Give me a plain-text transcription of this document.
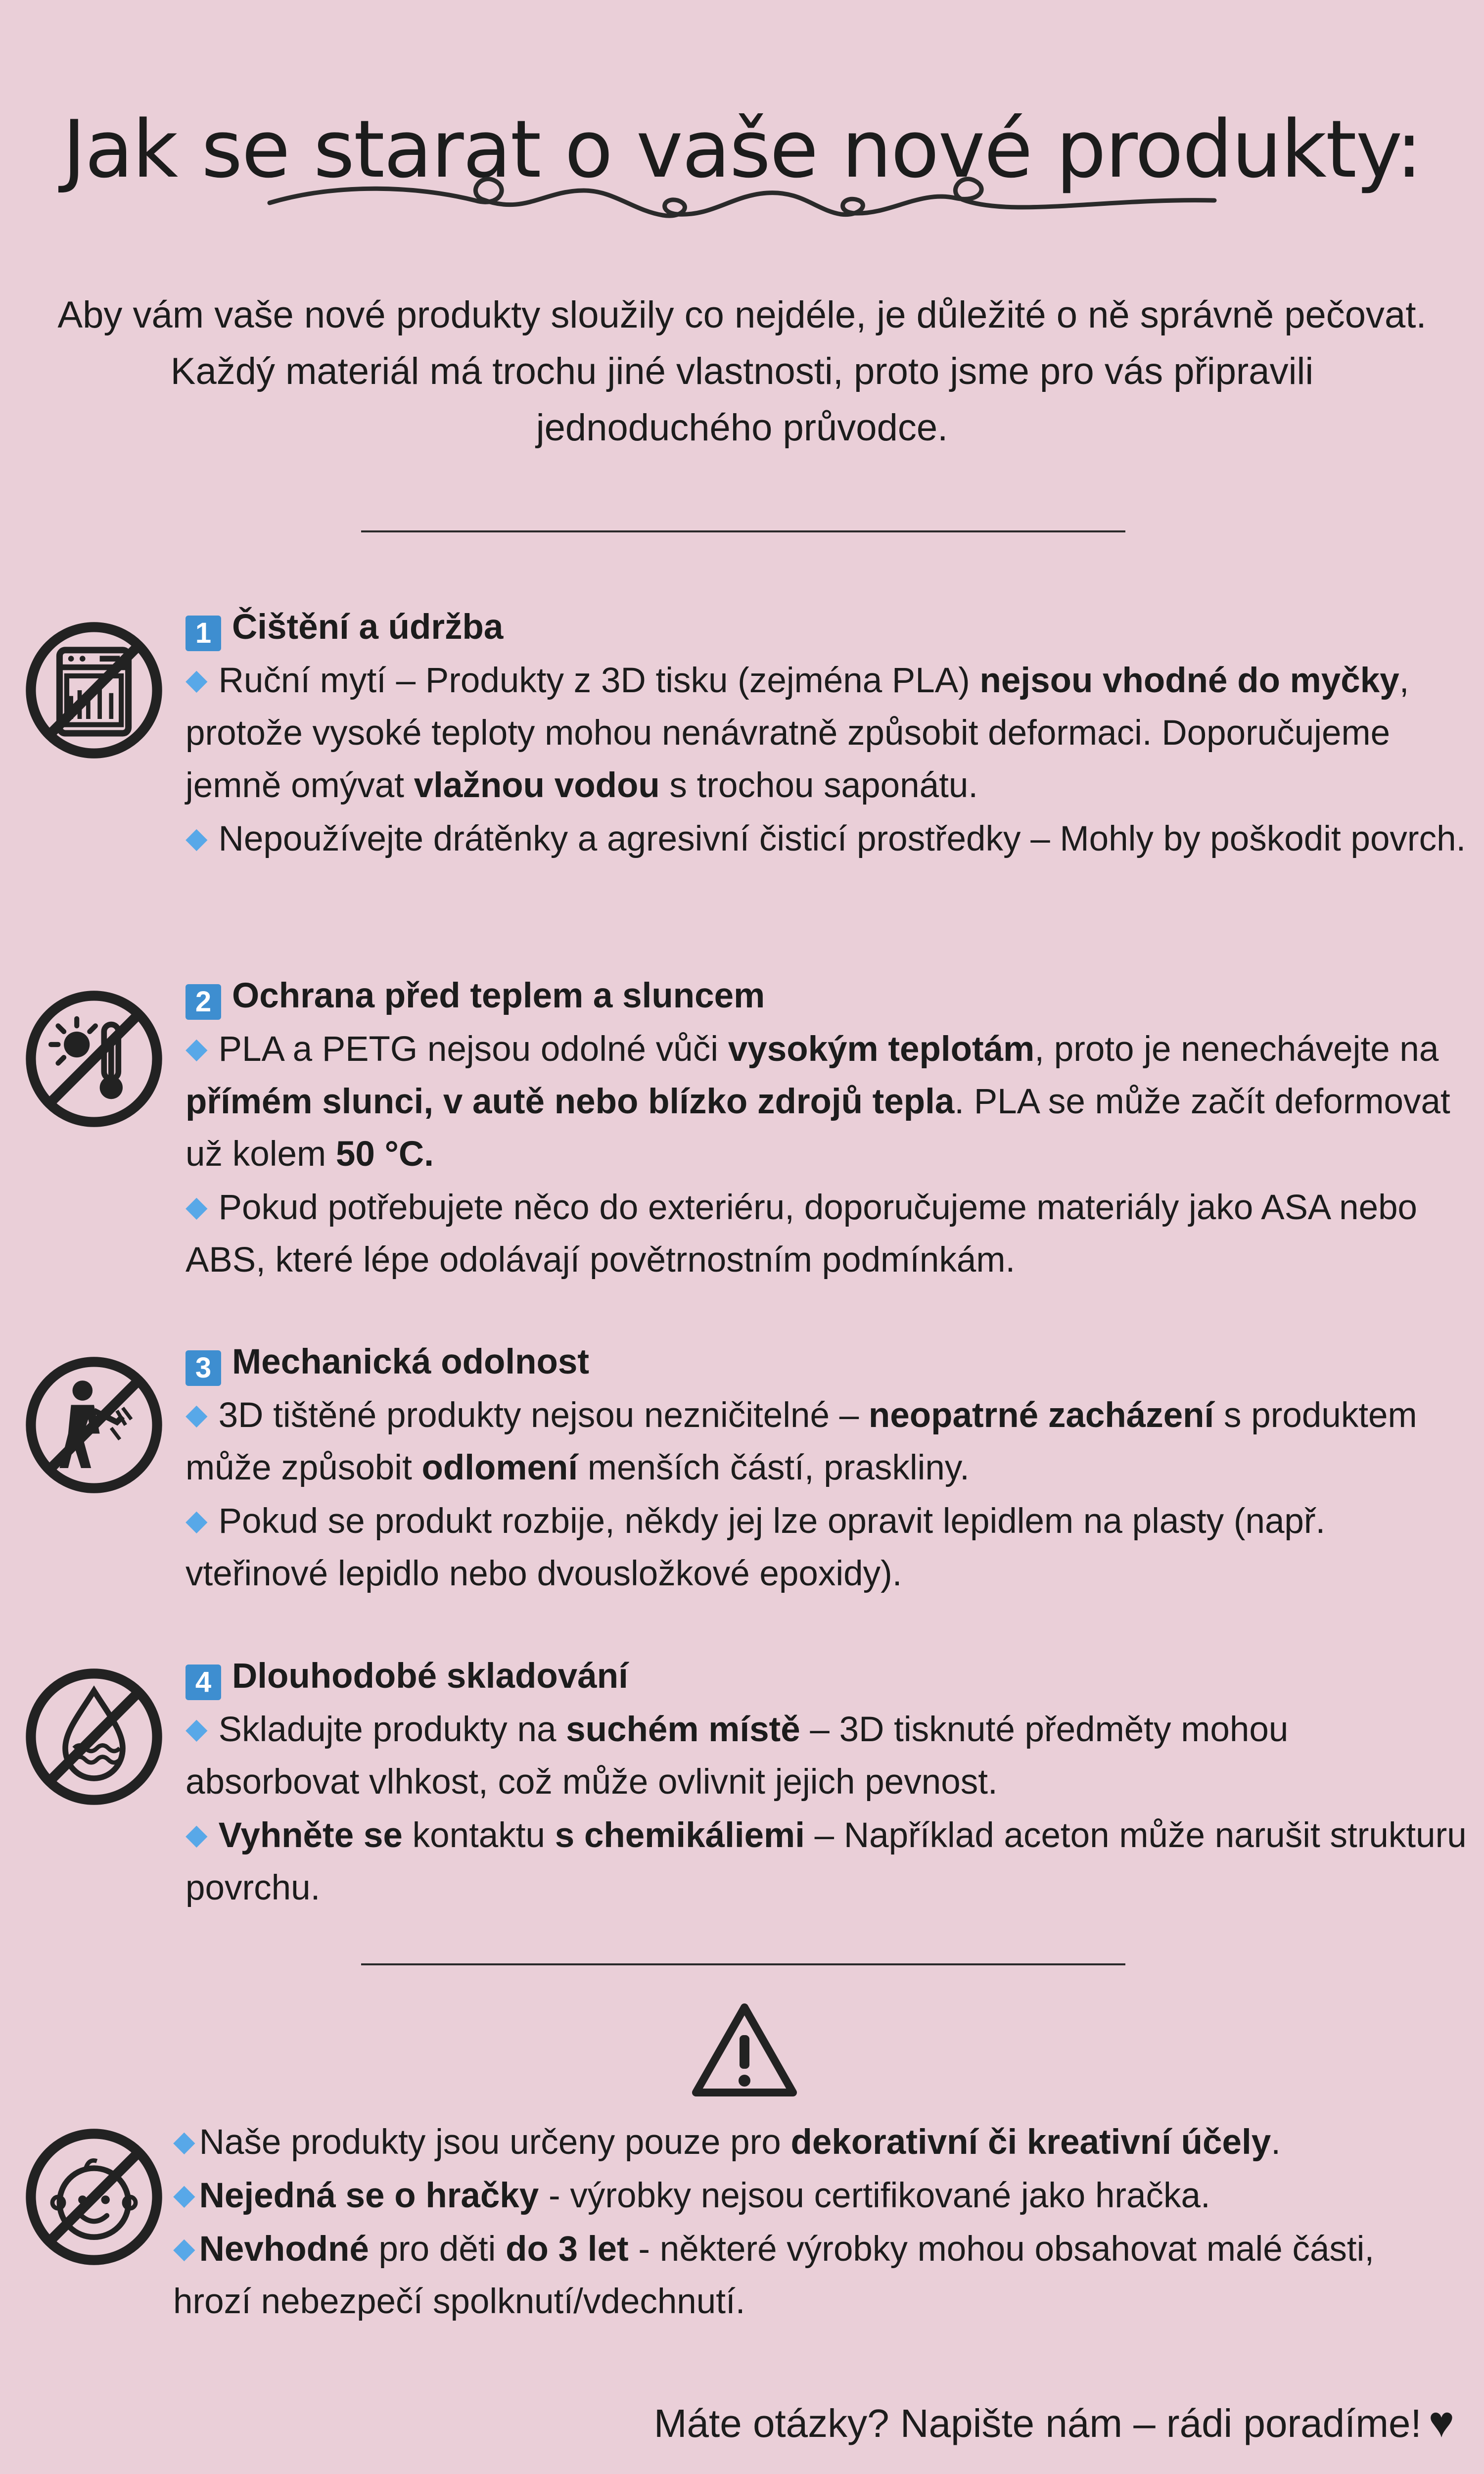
Jak se starat o vaše nové produkty:
Aby vám vaše nové produkty sloužily co nejdéle, je důležité o ně správně pečovat. Každý materiál má trochu jiné vlastnosti, proto jsme pro vás připravili jednoduchého průvodce.

1 Čištění a údržba

◆ Ruční mytí – Produkty z 3D tisku (zejména PLA) nejsou vhodné do myčky, protože vysoké teploty mohou nenávratně způsobit deformaci. Doporučujeme jemně omývat vlažnou vodou s trochou saponátu.

◆ Nepoužívejte drátěnky a agresivní čisticí prostředky – Mohly by poškodit povrch.

2 Ochrana před teplem a sluncem

◆ PLA a PETG nejsou odolné vůči vysokým teplotám, proto je nenechávejte na přímém slunci, v autě nebo blízko zdrojů tepla. PLA se může začít deformovat už kolem 50 °C.

◆ Pokud potřebujete něco do exteriéru, doporučujeme materiály jako ASA nebo ABS, které lépe odolávají povětrnostním podmínkám.

3 Mechanická odolnost

◆ 3D tištěné produkty nejsou nezničitelné – neopatrné zacházení s produktem může způsobit odlomení menších částí, praskliny.

◆ Pokud se produkt rozbije, někdy jej lze opravit lepidlem na plasty (např. vteřinové lepidlo nebo dvousložkové epoxidy).

4 Dlouhodobé skladování

◆ Skladujte produkty na suchém místě – 3D tisknuté předměty mohou absorbovat vlhkost, což může ovlivnit jejich pevnost.

◆ Vyhněte se kontaktu s chemikáliemi – Například aceton může narušit strukturu povrchu.

◆ Naše produkty jsou určeny pouze pro dekorativní či kreativní účely.

◆ Nejedná se o hračky - výrobky nejsou certifikované jako hračka.

◆ Nevhodné pro děti do 3 let - některé výrobky mohou obsahovat malé části, hrozí nebezpečí spolknutí/vdechnutí.

Máte otázky? Napište nám – rádi poradíme! ♥
